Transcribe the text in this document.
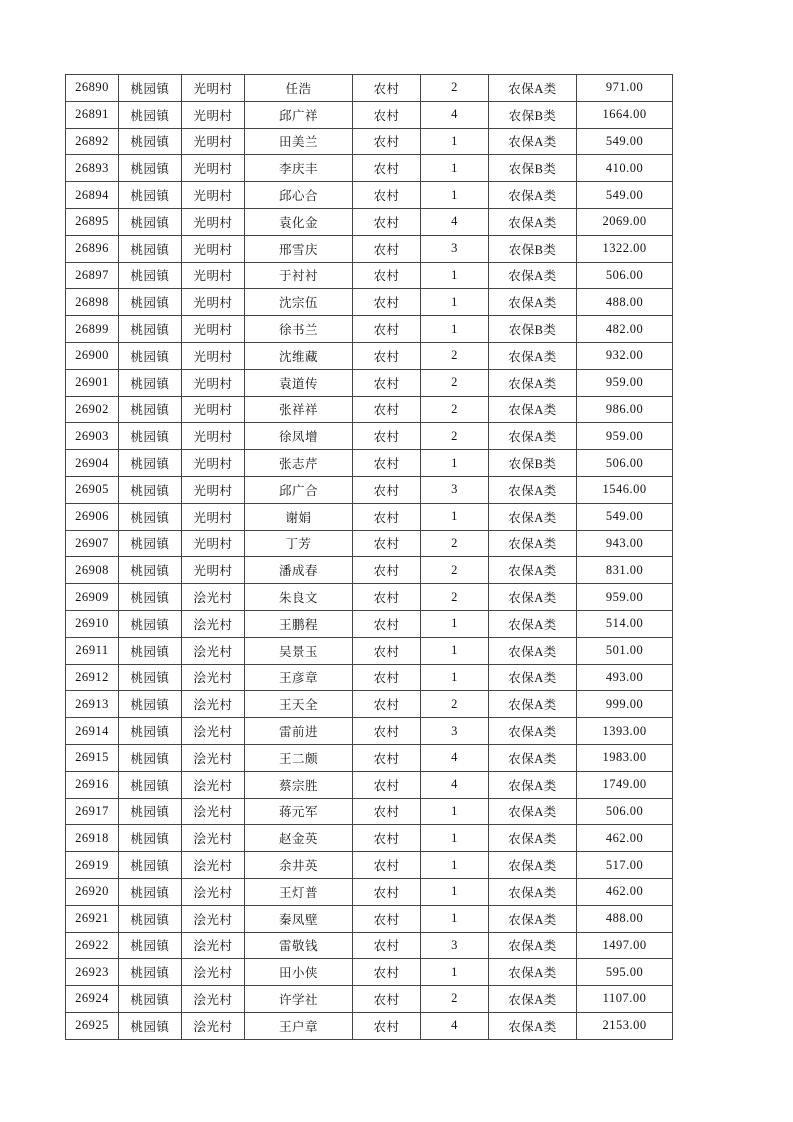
26890	桃园镇	光明村	任浩	农村	2	农保A类	971.00
26891	桃园镇	光明村	邱广祥	农村	4	农保B类	1664.00
26892	桃园镇	光明村	田美兰	农村	1	农保A类	549.00
26893	桃园镇	光明村	李庆丰	农村	1	农保B类	410.00
26894	桃园镇	光明村	邱心合	农村	1	农保A类	549.00
26895	桃园镇	光明村	袁化金	农村	4	农保A类	2069.00
26896	桃园镇	光明村	邢雪庆	农村	3	农保B类	1322.00
26897	桃园镇	光明村	于衬衬	农村	1	农保A类	506.00
26898	桃园镇	光明村	沈宗伍	农村	1	农保A类	488.00
26899	桃园镇	光明村	徐书兰	农村	1	农保B类	482.00
26900	桃园镇	光明村	沈维藏	农村	2	农保A类	932.00
26901	桃园镇	光明村	袁道传	农村	2	农保A类	959.00
26902	桃园镇	光明村	张祥祥	农村	2	农保A类	986.00
26903	桃园镇	光明村	徐凤增	农村	2	农保A类	959.00
26904	桃园镇	光明村	张志芹	农村	1	农保B类	506.00
26905	桃园镇	光明村	邱广合	农村	3	农保A类	1546.00
26906	桃园镇	光明村	谢娟	农村	1	农保A类	549.00
26907	桃园镇	光明村	丁芳	农村	2	农保A类	943.00
26908	桃园镇	光明村	潘成春	农村	2	农保A类	831.00
26909	桃园镇	浍光村	朱良文	农村	2	农保A类	959.00
26910	桃园镇	浍光村	王鹏程	农村	1	农保A类	514.00
26911	桃园镇	浍光村	吴景玉	农村	1	农保A类	501.00
26912	桃园镇	浍光村	王彦章	农村	1	农保A类	493.00
26913	桃园镇	浍光村	王天全	农村	2	农保A类	999.00
26914	桃园镇	浍光村	雷前进	农村	3	农保A类	1393.00
26915	桃园镇	浍光村	王二颇	农村	4	农保A类	1983.00
26916	桃园镇	浍光村	蔡宗胜	农村	4	农保A类	1749.00
26917	桃园镇	浍光村	蒋元军	农村	1	农保A类	506.00
26918	桃园镇	浍光村	赵金英	农村	1	农保A类	462.00
26919	桃园镇	浍光村	余井英	农村	1	农保A类	517.00
26920	桃园镇	浍光村	王灯普	农村	1	农保A类	462.00
26921	桃园镇	浍光村	秦凤壁	农村	1	农保A类	488.00
26922	桃园镇	浍光村	雷敬钱	农村	3	农保A类	1497.00
26923	桃园镇	浍光村	田小侠	农村	1	农保A类	595.00
26924	桃园镇	浍光村	许学社	农村	2	农保A类	1107.00
26925	桃园镇	浍光村	王户章	农村	4	农保A类	2153.00
